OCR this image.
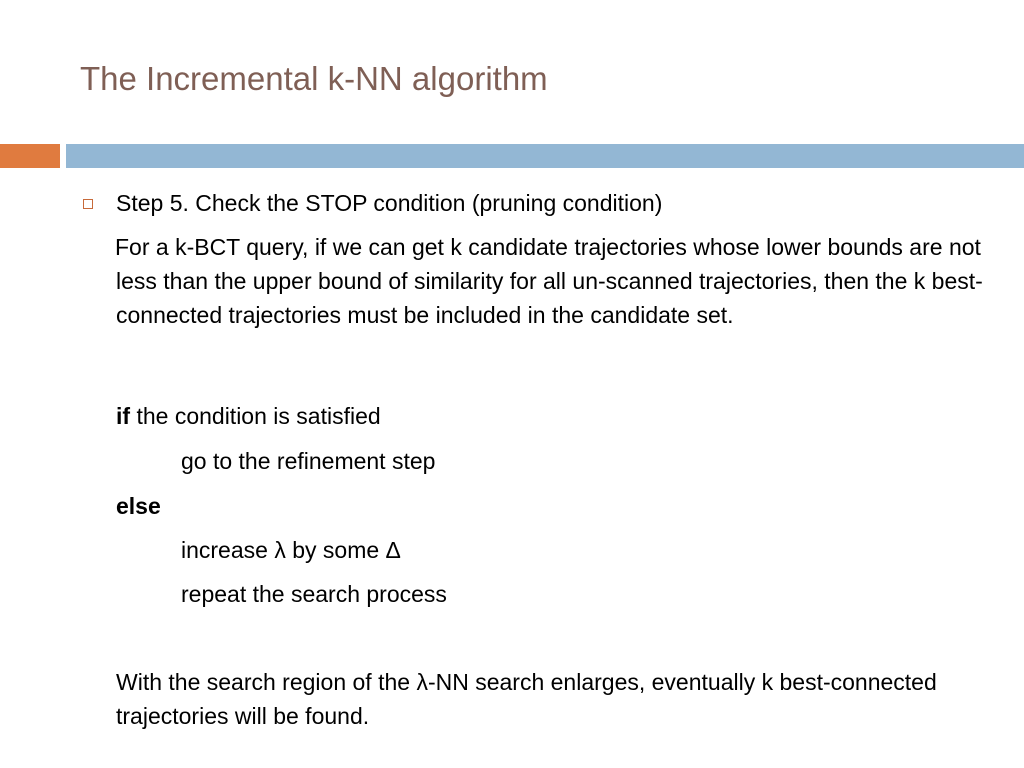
The Incremental k-NN algorithm
Step 5. Check the STOP condition (pruning condition)
For a k-BCT query, if we can get k candidate trajectories whose lower bounds are not less than the upper bound of similarity for all un-scanned trajectories, then the k best-connected trajectories must be included in the candidate set.
if the condition is satisfied
go to the refinement step
else
increase λ by some Δ
repeat the search process
With the search region of the λ-NN search enlarges, eventually k best-connected trajectories will be found.
